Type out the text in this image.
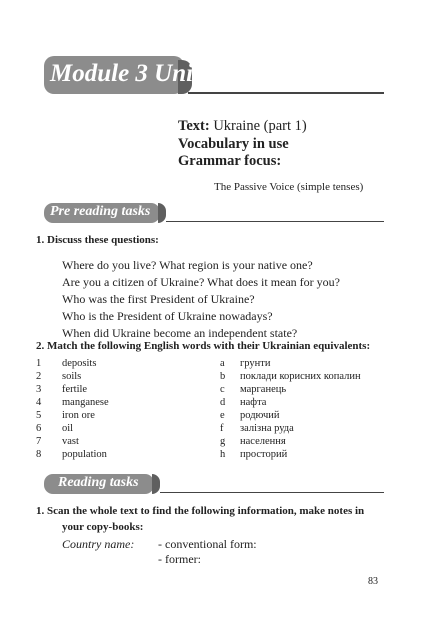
Module 3 Unit 1
Text: Ukraine (part 1)
Vocabulary in use
Grammar focus:
The Passive Voice (simple tenses)
Pre reading tasks
1. Discuss these questions:
Where do you live? What region is your native one?
Are you a citizen of Ukraine? What does it mean for you?
Who was the first President of Ukraine?
Who is the President of Ukraine nowadays?
When did Ukraine become an independent state?
2. Match the following English words with their Ukrainian equivalents:
1 deposits
2 soils
3 fertile
4 manganese
5 iron ore
6 oil
7 vast
8 population
a грунти
b поклади корисних копалин
c марганець
d нафта
e родючий
f залізна руда
g населення
h просторий
Reading tasks
1. Scan the whole text to find the following information, make notes in
your copy-books:
Country name: - conventional form:
- former:
83
